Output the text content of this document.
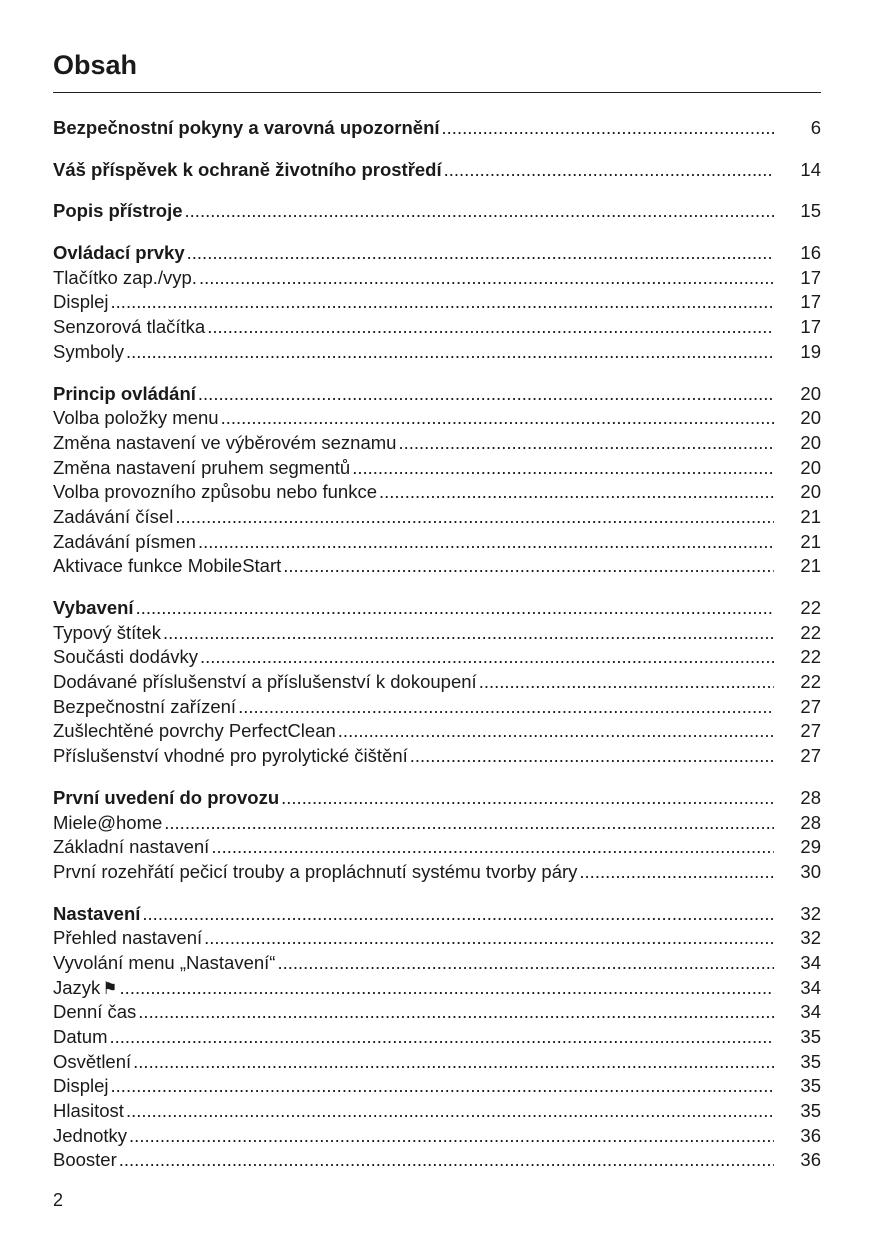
Obsah
Bezpečnostní pokyny a varovná upozornění .....	6
Váš příspěvek k ochraně životního prostředí .....	14
Popis přístroje .....	15
Ovládací prvky .....	16
Tlačítko zap./vyp. .....	17
Displej .....	17
Senzorová tlačítka .....	17
Symboly .....	19
Princip ovládání .....	20
Volba položky menu .....	20
Změna nastavení ve výběrovém seznamu .....	20
Změna nastavení pruhem segmentů .....	20
Volba provozního způsobu nebo funkce .....	20
Zadávání čísel .....	21
Zadávání písmen .....	21
Aktivace funkce MobileStart .....	21
Vybavení .....	22
Typový štítek .....	22
Součásti dodávky .....	22
Dodávané příslušenství a příslušenství k dokoupení .....	22
Bezpečnostní zařízení .....	27
Zušlechtěné povrchy PerfectClean .....	27
Příslušenství vhodné pro pyrolytické čištění .....	27
První uvedení do provozu .....	28
Miele@home .....	28
Základní nastavení .....	29
První rozehřátí pečicí trouby a propláchnutí systému tvorby páry .....	30
Nastavení .....	32
Přehled nastavení .....	32
Vyvolání menu „Nastavení“ .....	34
Jazyk ⚑ .....	34
Denní čas .....	34
Datum .....	35
Osvětlení .....	35
Displej .....	35
Hlasitost .....	35
Jednotky .....	36
Booster .....	36
2
